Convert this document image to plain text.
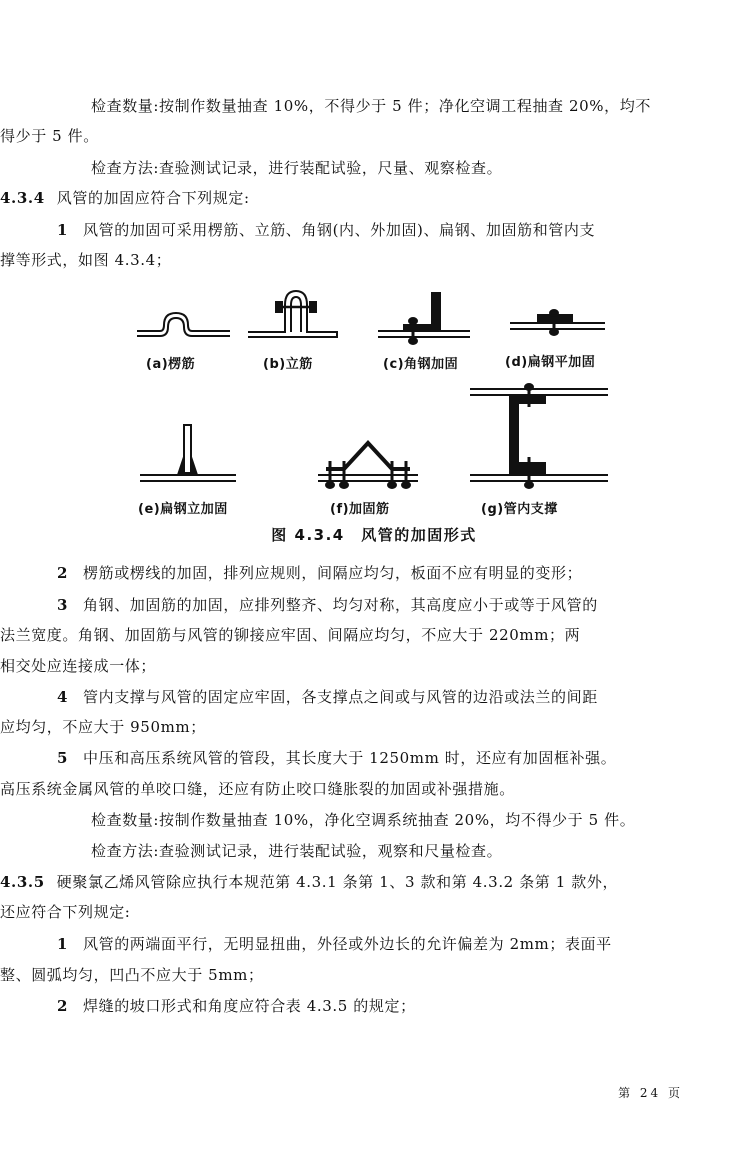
检查数量:按制作数量抽查 10%，不得少于 5 件；净化空调工程抽查 20%，均不
得少于 5 件。
检查方法:查验测试记录，进行装配试验，尺量、观察检查。
4.3.4 风管的加固应符合下列规定:
1 风管的加固可采用楞筋、立筋、角钢(内、外加固)、扁钢、加固筋和管内支
撑等形式，如图 4.3.4；
2 楞筋或楞线的加固，排列应规则，间隔应均匀，板面不应有明显的变形；
3 角钢、加固筋的加固，应排列整齐、均匀对称，其高度应小于或等于风管的
法兰宽度。角钢、加固筋与风管的铆接应牢固、间隔应均匀，不应大于 220mm；两
相交处应连接成一体；
4 管内支撑与风管的固定应牢固，各支撑点之间或与风管的边沿或法兰的间距
应均匀，不应大于 950mm；
5 中压和高压系统风管的管段，其长度大于 1250mm 时，还应有加固框补强。
高压系统金属风管的单咬口缝，还应有防止咬口缝胀裂的加固或补强措施。
检查数量:按制作数量抽查 10%，净化空调系统抽查 20%，均不得少于 5 件。
检查方法:查验测试记录，进行装配试验，观察和尺量检查。
4.3.5 硬聚氯乙烯风管除应执行本规范第 4.3.1 条第 1、3 款和第 4.3.2 条第 1 款外，
还应符合下列规定:
1 风管的两端面平行，无明显扭曲，外径或外边长的允许偏差为 2mm；表面平
整、圆弧均匀，凹凸不应大于 5mm；
2 焊缝的坡口形式和角度应符合表 4.3.5 的规定；
(a)楞筋	(b)立筋	(c)角钢加固	(d)扁钢平加固
(e)扁钢立加固	(f)加固筋	(g)管内支撑
图 4.3.4　风管的加固形式
第 24 页
